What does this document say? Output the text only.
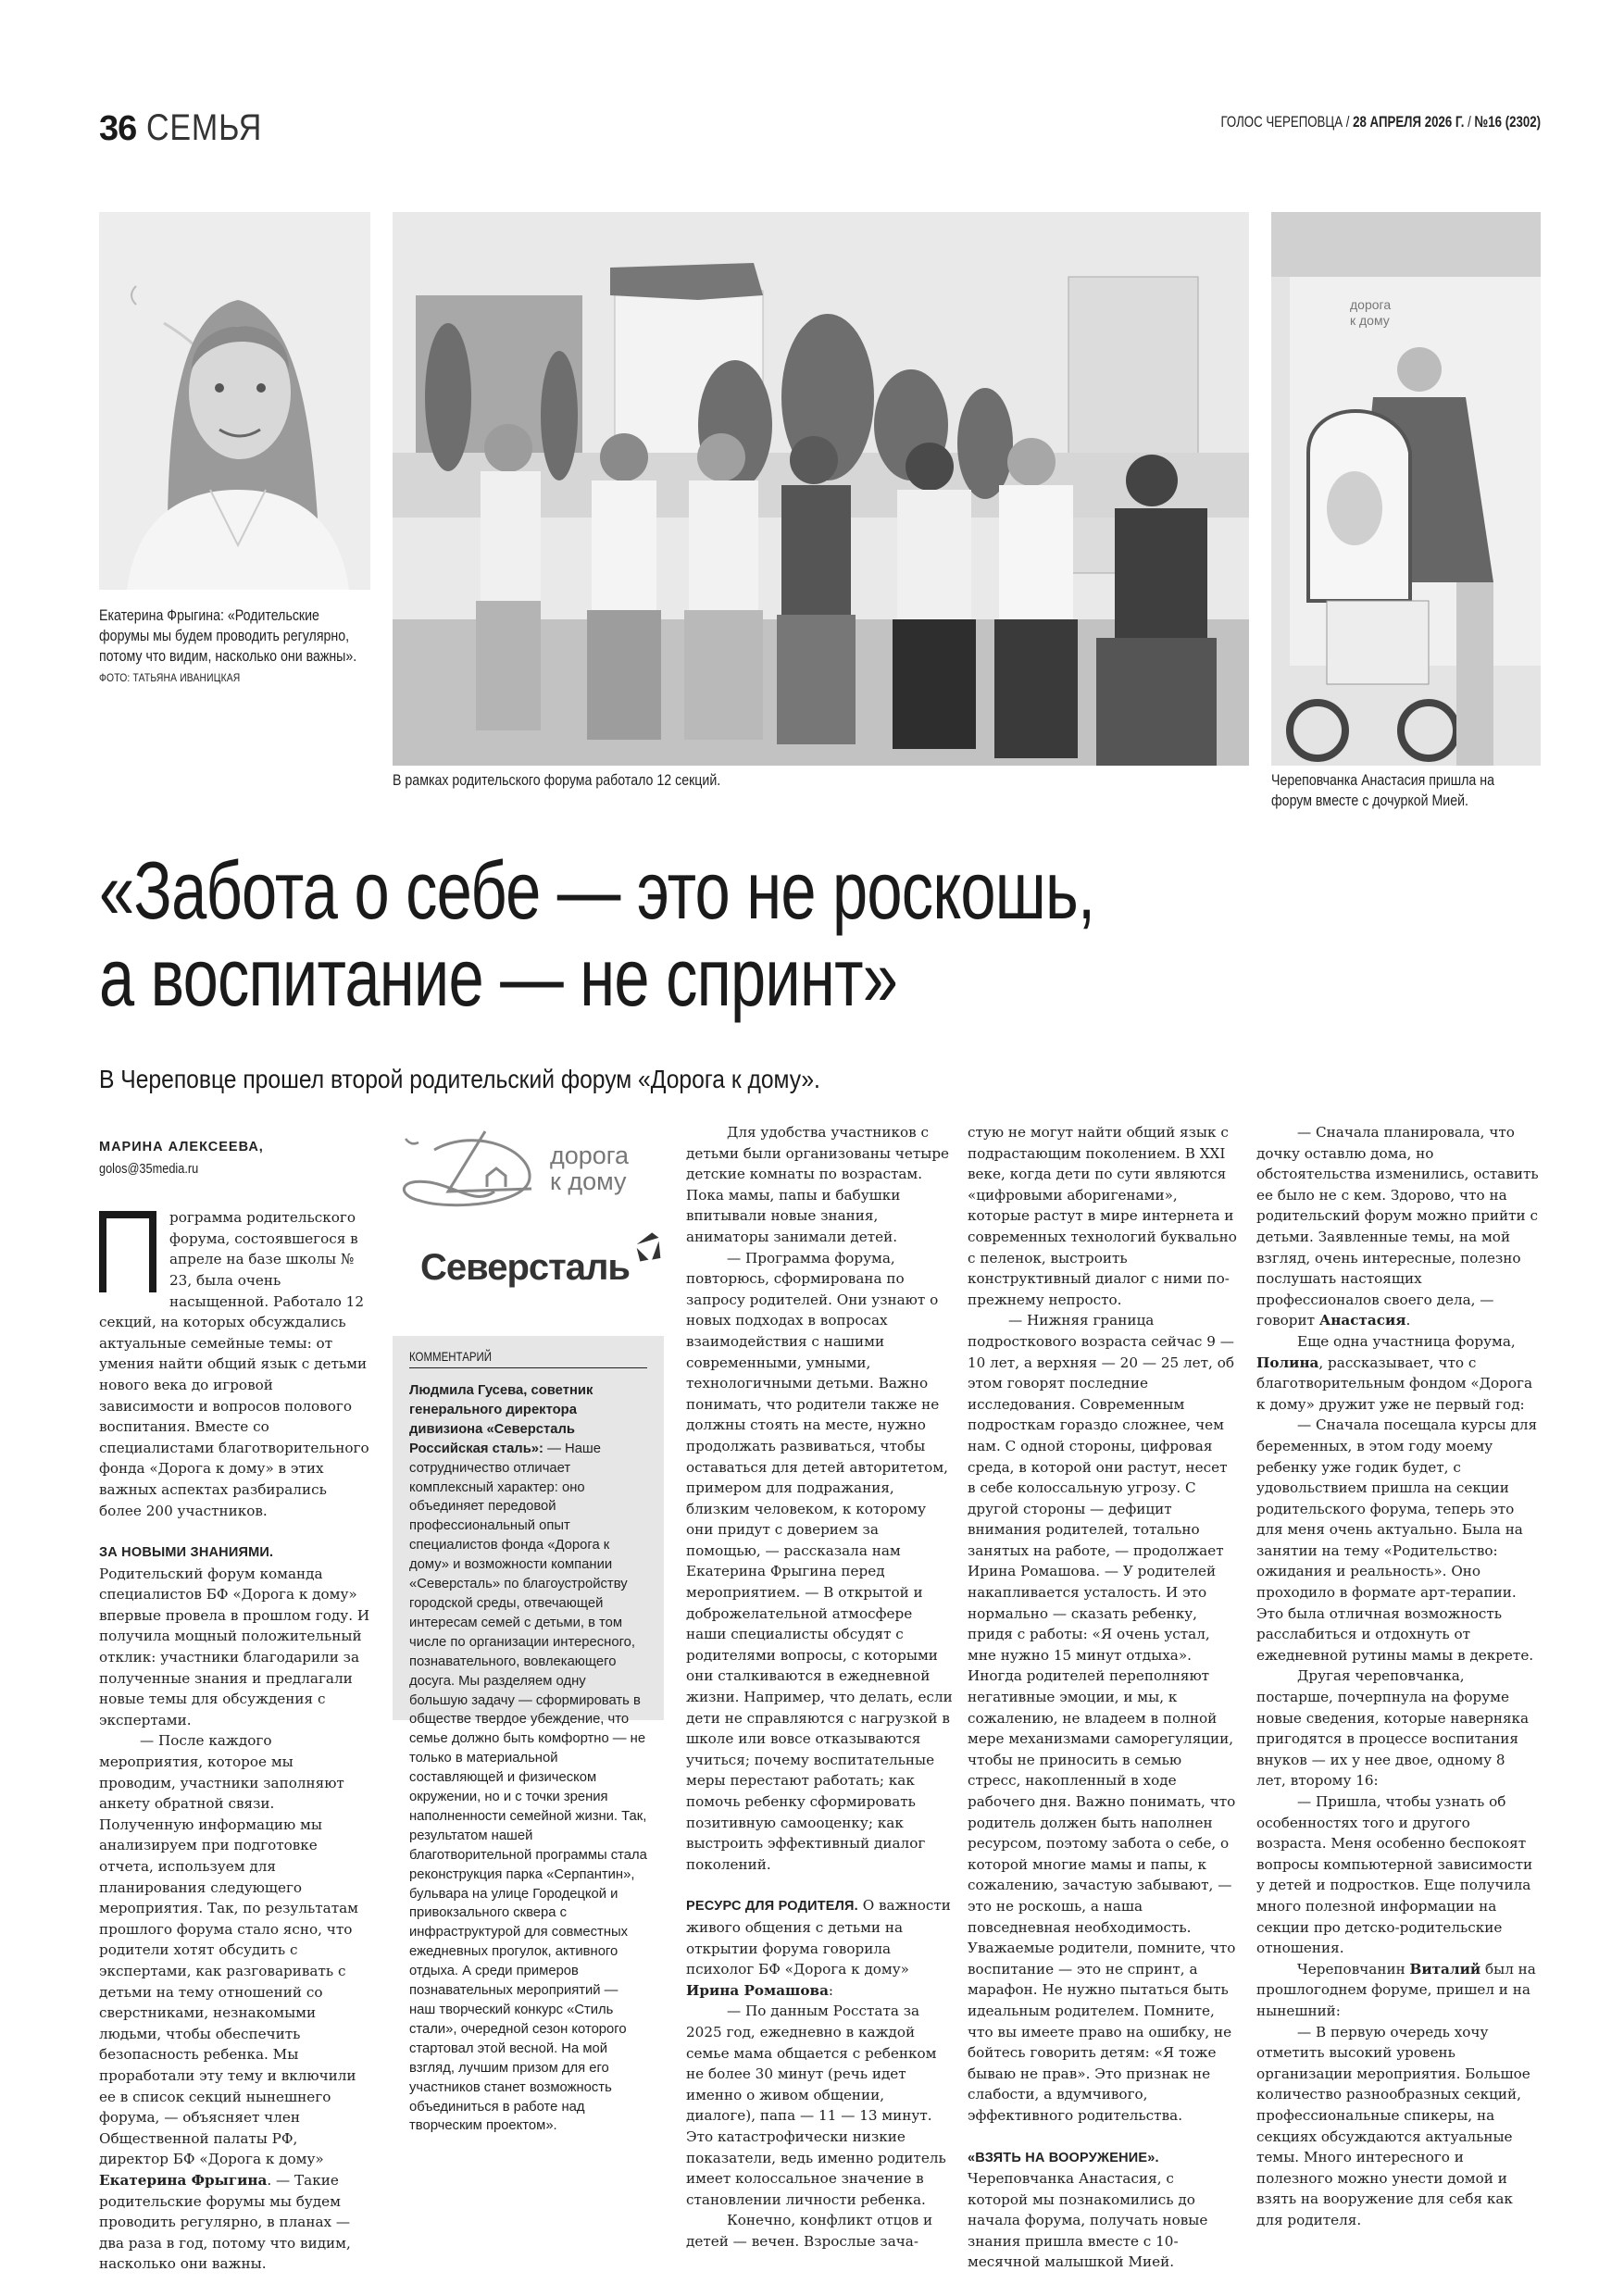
36 СЕМЬЯ	ГОЛОС ЧЕРЕПОВЦА / 28 АПРЕЛЯ 2026 Г. / №16 (2302)
Екатерина Фрыгина: «Родительские форумы мы будем проводить регулярно, потому что видим, насколько они важны». ФОТО: ТАТЬЯНА ИВАНИЦКАЯ
В рамках родительского форума работало 12 секций.
дорога
к дому
Череповчанка Анастасия пришла на форум вместе с дочуркой Мией.
«Забота о себе — это не роскошь,
а воспитание — не спринт»
В Череповце прошел второй родительский форум «Дорога к дому».
МАРИНА АЛЕКСЕЕВА,
golos@35media.ru

рограмма родительского форума, состоявшегося в апреле на базе школы № 23, была очень насыщенной. Работало 12 секций, на которых обсуждались актуальные семейные темы: от умения найти общий язык с детьми нового века до игровой зависимости и вопросов полового воспитания. Вместе со специалистами благотворительного фонда «Дорога к дому» в этих важных аспектах разбирались более 200 участников.

ЗА НОВЫМИ ЗНАНИЯМИ. Родительский форум команда специалистов БФ «Дорога к дому» впервые провела в прошлом году. И получила мощный положительный отклик: участники благодарили за полученные знания и предлагали новые темы для обсуждения с экспертами.

— После каждого мероприятия, которое мы проводим, участники заполняют анкету обратной связи. Полученную информацию мы анализируем при подготовке отчета, используем для планирования следующего мероприятия. Так, по результатам прошлого форума стало ясно, что родители хотят обсудить с экспертами, как разговаривать с детьми на тему отношений со сверстниками, незнакомыми людьми, чтобы обеспечить безопасность ребенка. Мы проработали эту тему и включили ее в список секций нынешнего форума, — объясняет член Общественной палаты РФ, директор БФ «Дорога к дому» Екатерина Фрыгина. — Такие родительские форумы мы будем проводить регулярно, в планах — два раза в год, потому что видим, насколько они важны.

дорога
к дому
Северсталь
КОММЕНТАРИЙ
Людмила Гусева, советник генерального директора дивизиона «Северсталь Российская сталь»: — Наше сотрудничество отличает комплексный характер: оно объединяет передовой профессиональный опыт специалистов фонда «Дорога к дому» и возможности компании «Северсталь» по благоустройству городской среды, отвечающей интересам семей с детьми, в том числе по организации интересного, познавательного, вовлекающего досуга. Мы разделяем одну большую задачу — сформировать в обществе твердое убеждение, что семье должно быть комфортно — не только в материальной составляющей и физическом окружении, но и с точки зрения наполненности семейной жизни. Так, результатом нашей благотворительной программы стала реконструкция парка «Серпантин», бульвара на улице Городецкой и привокзального сквера с инфраструктурой для совместных ежедневных прогулок, активного отдыха. А среди примеров познавательных мероприятий — наш творческий конкурс «Стиль стали», очередной сезон которого стартовал этой весной. На мой взгляд, лучшим призом для его участников станет возможность объединиться в работе над творческим проектом».

Для удобства участников с детьми были организованы четыре детские комнаты по возрастам. Пока мамы, папы и бабушки впитывали новые знания, аниматоры занимали детей.

— Программа форума, повторюсь, сформирована по запросу родителей. Они узнают о новых подходах в вопросах взаимодействия с нашими современными, умными, технологичными детьми. Важно понимать, что родители также не должны стоять на месте, нужно продолжать развиваться, чтобы оставаться для детей авторитетом, примером для подражания, близким человеком, к которому они придут с доверием за помощью, — рассказала нам Екатерина Фрыгина перед мероприятием. — В открытой и доброжелательной атмосфере наши специалисты обсудят с родителями вопросы, с которыми они сталкиваются в ежедневной жизни. Например, что делать, если дети не справляются с нагрузкой в школе или вовсе отказываются учиться; почему воспитательные меры перестают работать; как помочь ребенку сформировать позитивную самооценку; как выстроить эффективный диалог поколений.

РЕСУРС ДЛЯ РОДИТЕЛЯ. О важности живого общения с детьми на открытии форума говорила психолог БФ «Дорога к дому» Ирина Ромашова:

— По данным Росстата за 2025 год, ежедневно в каждой семье мама общается с ребенком не более 30 минут (речь идет именно о живом общении, диалоге), папа — 11 — 13 минут. Это катастрофически низкие показатели, ведь именно родитель имеет колоссальное значение в становлении личности ребенка.

Конечно, конфликт отцов и детей — вечен. Взрослые зача-

стую не могут найти общий язык с подрастающим поколением. В XXI веке, когда дети по сути являются «цифровыми аборигенами», которые растут в мире интернета и современных технологий буквально с пеленок, выстроить конструктивный диалог с ними по-прежнему непросто.

— Нижняя граница подросткового возраста сейчас 9 — 10 лет, а верхняя — 20 — 25 лет, об этом говорят последние исследования. Современным подросткам гораздо сложнее, чем нам. С одной стороны, цифровая среда, в которой они растут, несет в себе колоссальную угрозу. С другой стороны — дефицит внимания родителей, тотально занятых на работе, — продолжает Ирина Ромашова. — У родителей накапливается усталость. И это нормально — сказать ребенку, придя с работы: «Я очень устал, мне нужно 15 минут отдыха». Иногда родителей переполняют негативные эмоции, и мы, к сожалению, не владеем в полной мере механизмами саморегуляции, чтобы не приносить в семью стресс, накопленный в ходе рабочего дня. Важно понимать, что родитель должен быть наполнен ресурсом, поэтому забота о себе, о которой многие мамы и папы, к сожалению, зачастую забывают, — это не роскошь, а наша повседневная необходимость. Уважаемые родители, помните, что воспитание — это не спринт, а марафон. Не нужно пытаться быть идеальным родителем. Помните, что вы имеете право на ошибку, не бойтесь говорить детям: «Я тоже бываю не прав». Это признак не слабости, а вдумчивого, эффективного родительства.

«ВЗЯТЬ НА ВООРУЖЕНИЕ». Череповчанка Анастасия, с которой мы познакомились до начала форума, получать новые знания пришла вместе с 10-месячной малышкой Мией.

— Сначала планировала, что дочку оставлю дома, но обстоятельства изменились, оставить ее было не с кем. Здорово, что на родительский форум можно прийти с детьми. Заявленные темы, на мой взгляд, очень интересные, полезно послушать настоящих профессионалов своего дела, — говорит Анастасия.

Еще одна участница форума, Полина, рассказывает, что с благотворительным фондом «Дорога к дому» дружит уже не первый год:

— Сначала посещала курсы для беременных, в этом году моему ребенку уже годик будет, с удовольствием пришла на секции родительского форума, теперь это для меня очень актуально. Была на занятии на тему «Родительство: ожидания и реальность». Оно проходило в формате арт-терапии. Это была отличная возможность расслабиться и отдохнуть от ежедневной рутины мамы в декрете.

Другая череповчанка, постарше, почерпнула на форуме новые сведения, которые наверняка пригодятся в процессе воспитания внуков — их у нее двое, одному 8 лет, второму 16:

— Пришла, чтобы узнать об особенностях того и другого возраста. Меня особенно беспокоят вопросы компьютерной зависимости у детей и подростков. Еще получила много полезной информации на секции про детско-родительские отношения.

Череповчанин Виталий был на прошлогоднем форуме, пришел и на нынешний:

— В первую очередь хочу отметить высокий уровень организации мероприятия. Большое количество разнообразных секций, профессиональные спикеры, на секциях обсуждаются актуальные темы. Много интересного и полезного можно унести домой и взять на вооружение для себя как для родителя.
